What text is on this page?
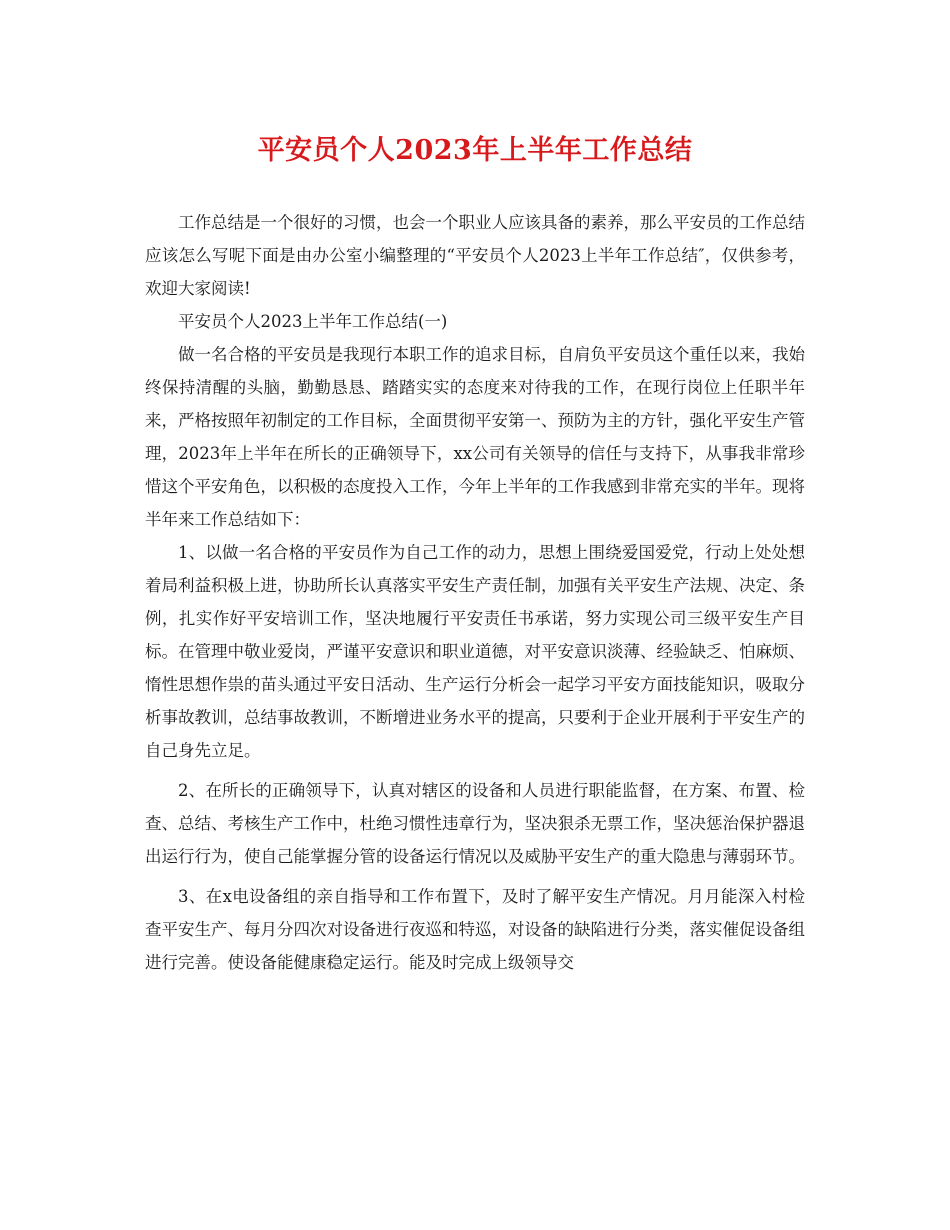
平安员个人2023年上半年工作总结

工作总结是一个很好的习惯，也会一个职业人应该具备的素养，那么平安员的工作总结应该怎么写呢下面是由办公室小编整理的“平安员个人2023上半年工作总结″，仅供参考，欢迎大家阅读!

平安员个人2023上半年工作总结(一)

做一名合格的平安员是我现行本职工作的追求目标，自肩负平安员这个重任以来，我始终保持清醒的头脑，勤勤恳恳、踏踏实实的态度来对待我的工作，在现行岗位上任职半年来，严格按照年初制定的工作目标，全面贯彻平安第一、预防为主的方针，强化平安生产管理，2023年上半年在所长的正确领导下，xx公司有关领导的信任与支持下，从事我非常珍惜这个平安角色，以积极的态度投入工作，今年上半年的工作我感到非常充实的半年。现将半年来工作总结如下：

1、以做一名合格的平安员作为自己工作的动力，思想上围绕爱国爱党，行动上处处想着局利益积极上进，协助所长认真落实平安生产责任制，加强有关平安生产法规、决定、条例，扎实作好平安培训工作，坚决地履行平安责任书承诺，努力实现公司三级平安生产目标。在管理中敬业爱岗，严谨平安意识和职业道德，对平安意识淡薄、经验缺乏、怕麻烦、惰性思想作祟的苗头通过平安日活动、生产运行分析会一起学习平安方面技能知识，吸取分析事故教训，总结事故教训，不断增进业务水平的提高，只要利于企业开展利于平安生产的自己身先立足。

2、在所长的正确领导下，认真对辖区的设备和人员进行职能监督，在方案、布置、检查、总结、考核生产工作中，杜绝习惯性违章行为，坚决狠杀无票工作，坚决惩治保护器退出运行行为，使自己能掌握分管的设备运行情况以及威胁平安生产的重大隐患与薄弱环节。

3、在x电设备组的亲自指导和工作布置下，及时了解平安生产情况。月月能深入村检查平安生产、每月分四次对设备进行夜巡和特巡，对设备的缺陷进行分类，落实催促设备组进行完善。使设备能健康稳定运行。能及时完成上级领导交
